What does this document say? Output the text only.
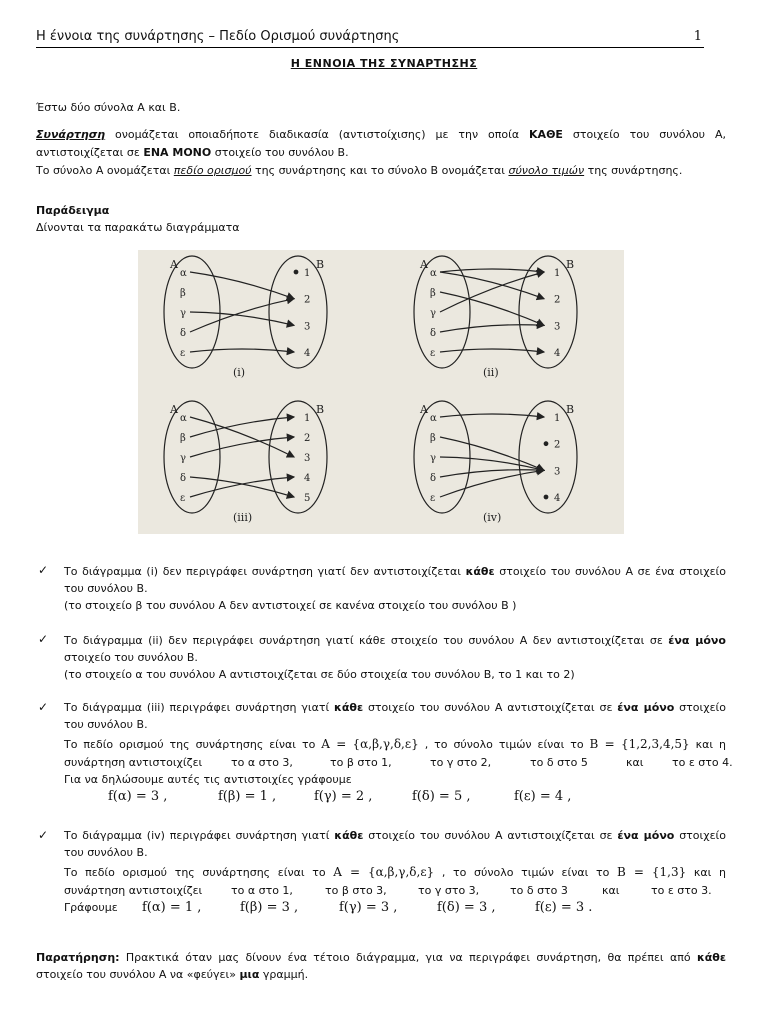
Η έννοια της συνάρτησης – Πεδίο Ορισμού συνάρτησης	1
Η ΕΝΝΟΙΑ ΤΗΣ ΣΥΝΑΡΤΗΣΗΣ
Έστω δύο σύνολα Α και Β.
Συνάρτηση ονομάζεται οποιαδήποτε διαδικασία (αντιστοίχισης) με την οποία ΚΑΘΕ στοιχείο του συνόλου Α,
αντιστοιχίζεται σε ΕΝΑ ΜΟΝΟ στοιχείο του συνόλου Β.
Το σύνολο Α ονομάζεται πεδίο ορισμού της συνάρτησης και το σύνολο Β ονομάζεται σύνολο τιμών της συνάρτησης.
Παράδειγμα
Δίνονται τα παρακάτω διαγράμματα
Α	Β
α
β
γ
δ
ε
1
2
3
4
(i)
Α	Β
α
β
γ
δ
ε
1
2
3
4
(ii)
Α	Β
α
β
γ
δ
ε
1
2
3
4
5
(iii)
Α	Β
α
β
γ
δ
ε
1
2
3
4
(iv)
✓ Το διάγραμμα (i) δεν περιγράφει συνάρτηση γιατί δεν αντιστοιχίζεται κάθε στοιχείο του συνόλου Α σε ένα στοιχείο
του συνόλου Β.
(το στοιχείο β του συνόλου Α δεν αντιστοιχεί σε κανένα στοιχείο του συνόλου Β )
✓ Το διάγραμμα (ii) δεν περιγράφει συνάρτηση γιατί κάθε στοιχείο του συνόλου Α δεν αντιστοιχίζεται σε ένα μόνο
στοιχείο του συνόλου Β.
(το στοιχείο α του συνόλου Α αντιστοιχίζεται σε δύο στοιχεία του συνόλου Β, το 1 και το 2)
✓ Το διάγραμμα (iii) περιγράφει συνάρτηση γιατί κάθε στοιχείο του συνόλου Α αντιστοιχίζεται σε ένα μόνο στοιχείο
του συνόλου Β.
Το πεδίο ορισμού της συνάρτησης είναι το A = {α,β,γ,δ,ε} , το σύνολο τιμών είναι το B = {1,2,3,4,5} και η
συνάρτηση αντιστοιχίζει	το α στο 3,	το β στο 1,	το γ στο 2,	το δ στο 5	και	το ε στο 4.
Για να δηλώσουμε αυτές τις αντιστοιχίες γράφουμε
f(α) = 3 ,	f(β) = 1 ,	f(γ) = 2 ,	f(δ) = 5 ,	f(ε) = 4 ,
✓ Το διάγραμμα (iv) περιγράφει συνάρτηση γιατί κάθε στοιχείο του συνόλου Α αντιστοιχίζεται σε ένα μόνο στοιχείο
του συνόλου Β.
Το πεδίο ορισμού της συνάρτησης είναι το A = {α,β,γ,δ,ε} , το σύνολο τιμών είναι το B = {1,3} και η
συνάρτηση αντιστοιχίζει	το α στο 1,	το β στο 3,	το γ στο 3,	το δ στο 3	και	το ε στο 3.
Γράφουμε f(α) = 1 ,	f(β) = 3 ,	f(γ) = 3 ,	f(δ) = 3 ,	f(ε) = 3 .
Παρατήρηση: Πρακτικά όταν μας δίνουν ένα τέτοιο διάγραμμα, για να περιγράφει συνάρτηση, θα πρέπει από κάθε
στοιχείο του συνόλου Α να «φεύγει» μια γραμμή.
